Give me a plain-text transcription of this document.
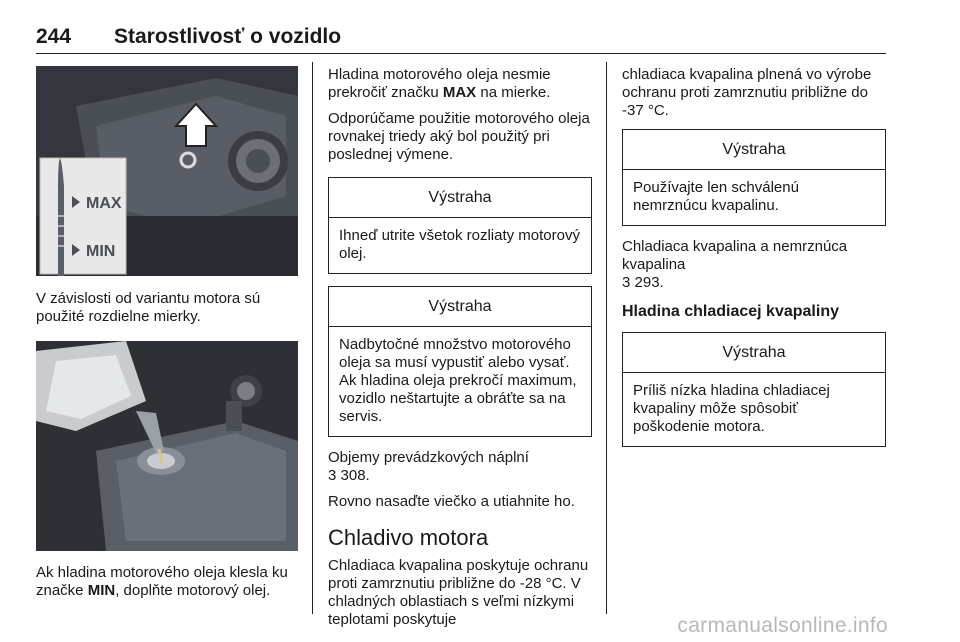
244 Starostlivosť o vozidlo
MAX
MIN

V závislosti od variantu motora sú použité rozdielne mierky.

Ak hladina motorového oleja klesla ku značke MIN, doplňte motorový olej.

Hladina motorového oleja nesmie prekročiť značku MAX na mierke.

Odporúčame použitie motorového oleja rovnakej triedy aký bol použitý pri poslednej výmene.

Výstraha
Ihneď utrite všetok rozliaty motorový olej.
Výstraha
Nadbytočné množstvo motorového oleja sa musí vypustiť alebo vysať. Ak hladina oleja prekročí maximum, vozidlo neštartujte a obráťte sa na servis.

Objemy prevádzkových náplní
3 308.

Rovno nasaďte viečko a utiahnite ho.

Chladivo motora

Chladiaca kvapalina poskytuje ochranu proti zamrznutiu približne do -28 °C. V chladných oblastiach s veľmi nízkymi teplotami poskytuje

chladiaca kvapalina plnená vo výrobe ochranu proti zamrznutiu približne do -37 °C.

Výstraha
Používajte len schválenú nemrznúcu kvapalinu.

Chladiaca kvapalina a nemrznúca kvapalina
3 293.

Hladina chladiacej kvapaliny
Výstraha
Príliš nízka hladina chladiacej kvapaliny môže spôsobiť poškodenie motora.
carmanualsonline.info
